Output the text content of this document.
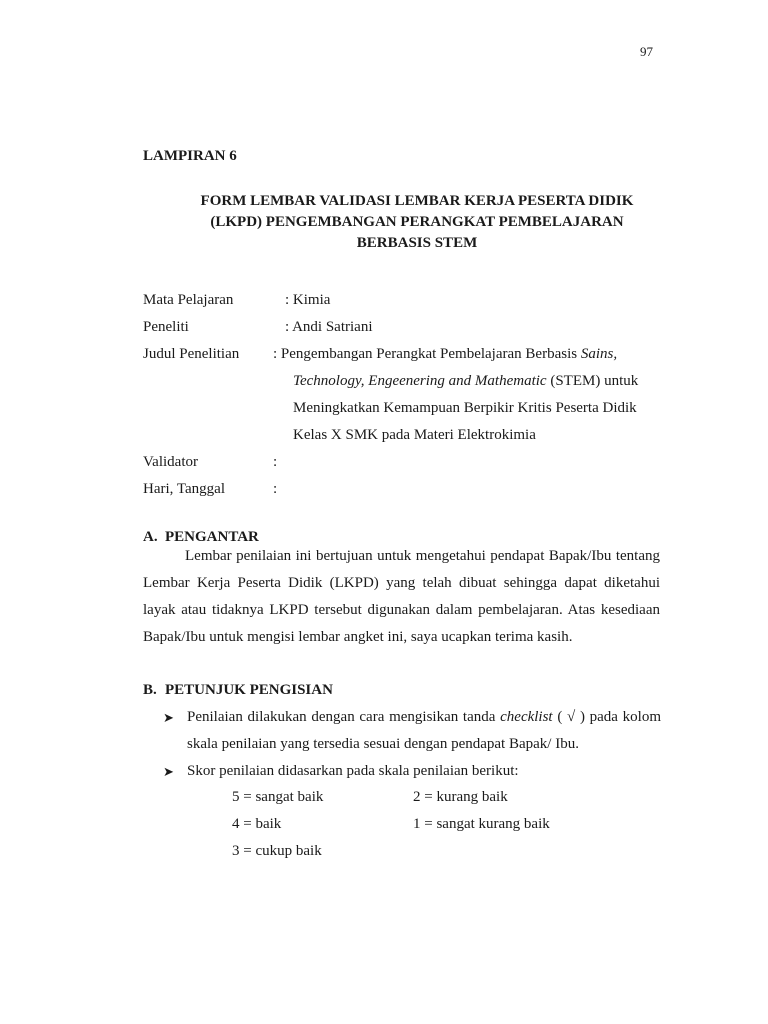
97
LAMPIRAN 6
FORM LEMBAR VALIDASI LEMBAR KERJA PESERTA DIDIK
(LKPD) PENGEMBANGAN PERANGKAT PEMBELAJARAN
BERBASIS STEM
Mata Pelajaran	: Kimia
Peneliti	: Andi Satriani
Judul Penelitian : Pengembangan Perangkat Pembelajaran Berbasis Sains,
Technology, Engeenering and Mathematic (STEM) untuk
Meningkatkan Kemampuan Berpikir Kritis Peserta Didik
Kelas X SMK pada Materi Elektrokimia
Validator	:
Hari, Tanggal	:
A. PENGANTAR
Lembar penilaian ini bertujuan untuk mengetahui pendapat Bapak/Ibu tentang Lembar Kerja Peserta Didik (LKPD) yang telah dibuat sehingga dapat diketahui layak atau tidaknya LKPD tersebut digunakan dalam pembelajaran. Atas kesediaan Bapak/Ibu untuk mengisi lembar angket ini, saya ucapkan terima kasih.
B. PETUNJUK PENGISIAN
➤ Penilaian dilakukan dengan cara mengisikan tanda checklist ( √ ) pada kolom skala penilaian yang tersedia sesuai dengan pendapat Bapak/ Ibu.
➤ Skor penilaian didasarkan pada skala penilaian berikut:
5 = sangat baik	2 = kurang baik
4 = baik	1 = sangat kurang baik
3 = cukup baik
